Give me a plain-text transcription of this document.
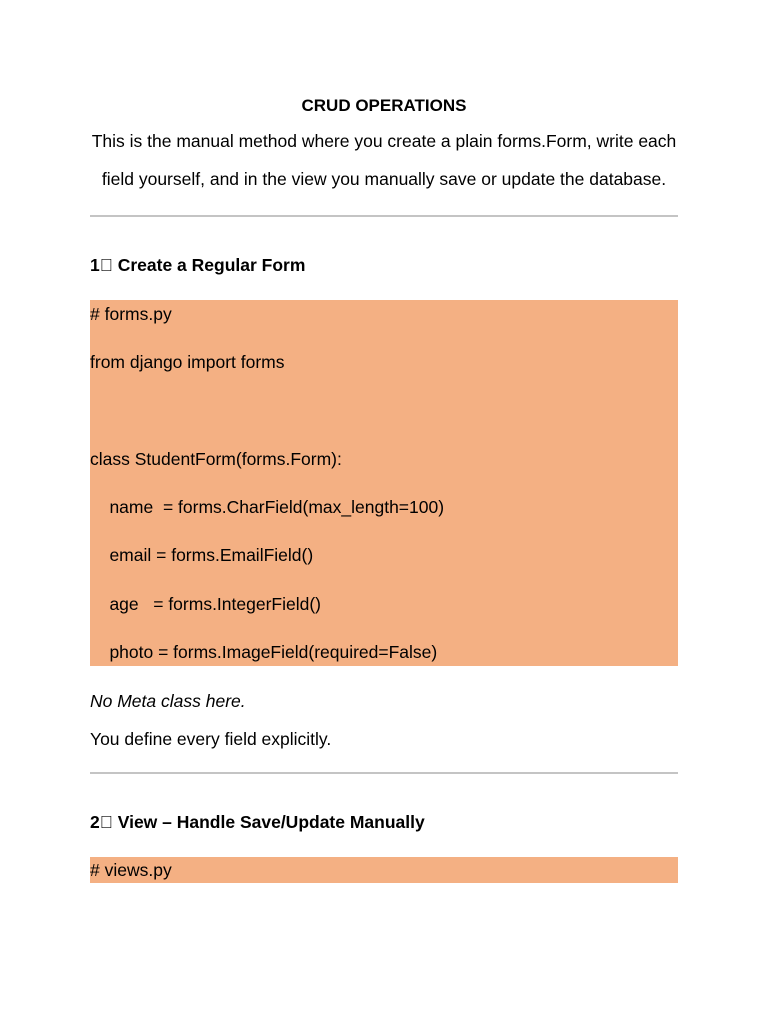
CRUD OPERATIONS

This is the manual method where you create a plain forms.Form, write each field yourself, and in the view you manually save or update the database.

1⃣ Create a Regular Form

# forms.py
from django import forms
class StudentForm(forms.Form):
name  = forms.CharField(max_length=100)
email = forms.EmailField()
age   = forms.IntegerField()
photo = forms.ImageField(required=False)

No Meta class here.

You define every field explicitly.

2⃣ View – Handle Save/Update Manually

# views.py
